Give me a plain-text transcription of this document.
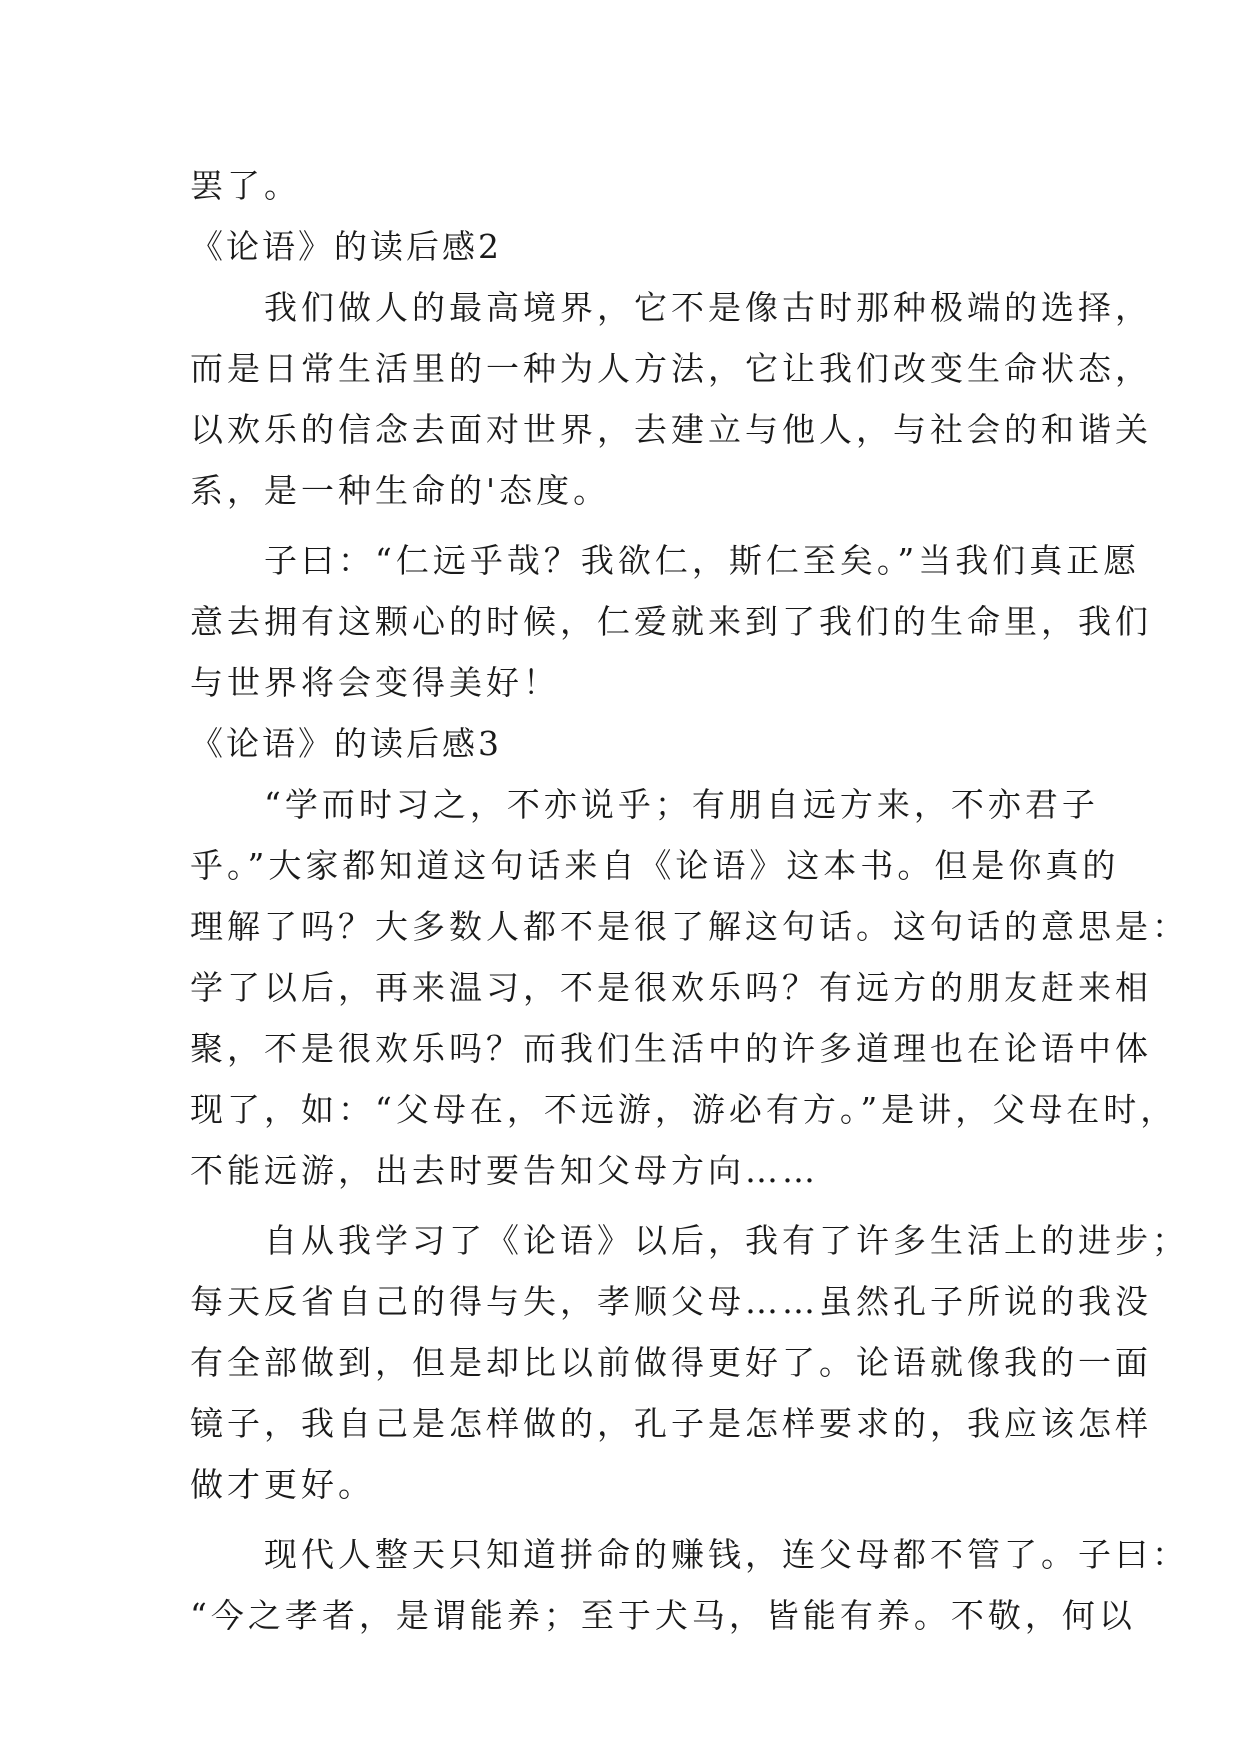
罢了。
《论语》的读后感2
　　我们做人的最高境界，它不是像古时那种极端的选择，
而是日常生活里的一种为人方法，它让我们改变生命状态，
以欢乐的信念去面对世界，去建立与他人，与社会的和谐关
系，是一种生命的'态度。
　　子曰：“仁远乎哉？我欲仁，斯仁至矣。”当我们真正愿
意去拥有这颗心的时候，仁爱就来到了我们的生命里，我们
与世界将会变得美好！
《论语》的读后感3
　　“学而时习之，不亦说乎；有朋自远方来，不亦君子
乎。”大家都知道这句话来自《论语》这本书。但是你真的
理解了吗？大多数人都不是很了解这句话。这句话的意思是：
学了以后，再来温习，不是很欢乐吗？有远方的朋友赶来相
聚，不是很欢乐吗？而我们生活中的许多道理也在论语中体
现了，如：“父母在，不远游，游必有方。”是讲，父母在时，
不能远游，出去时要告知父母方向……
　　自从我学习了《论语》以后，我有了许多生活上的进步；
每天反省自己的得与失，孝顺父母……虽然孔子所说的我没
有全部做到，但是却比以前做得更好了。论语就像我的一面
镜子，我自己是怎样做的，孔子是怎样要求的，我应该怎样
做才更好。
　　现代人整天只知道拼命的赚钱，连父母都不管了。子曰：
“今之孝者，是谓能养；至于犬马，皆能有养。不敬，何以
